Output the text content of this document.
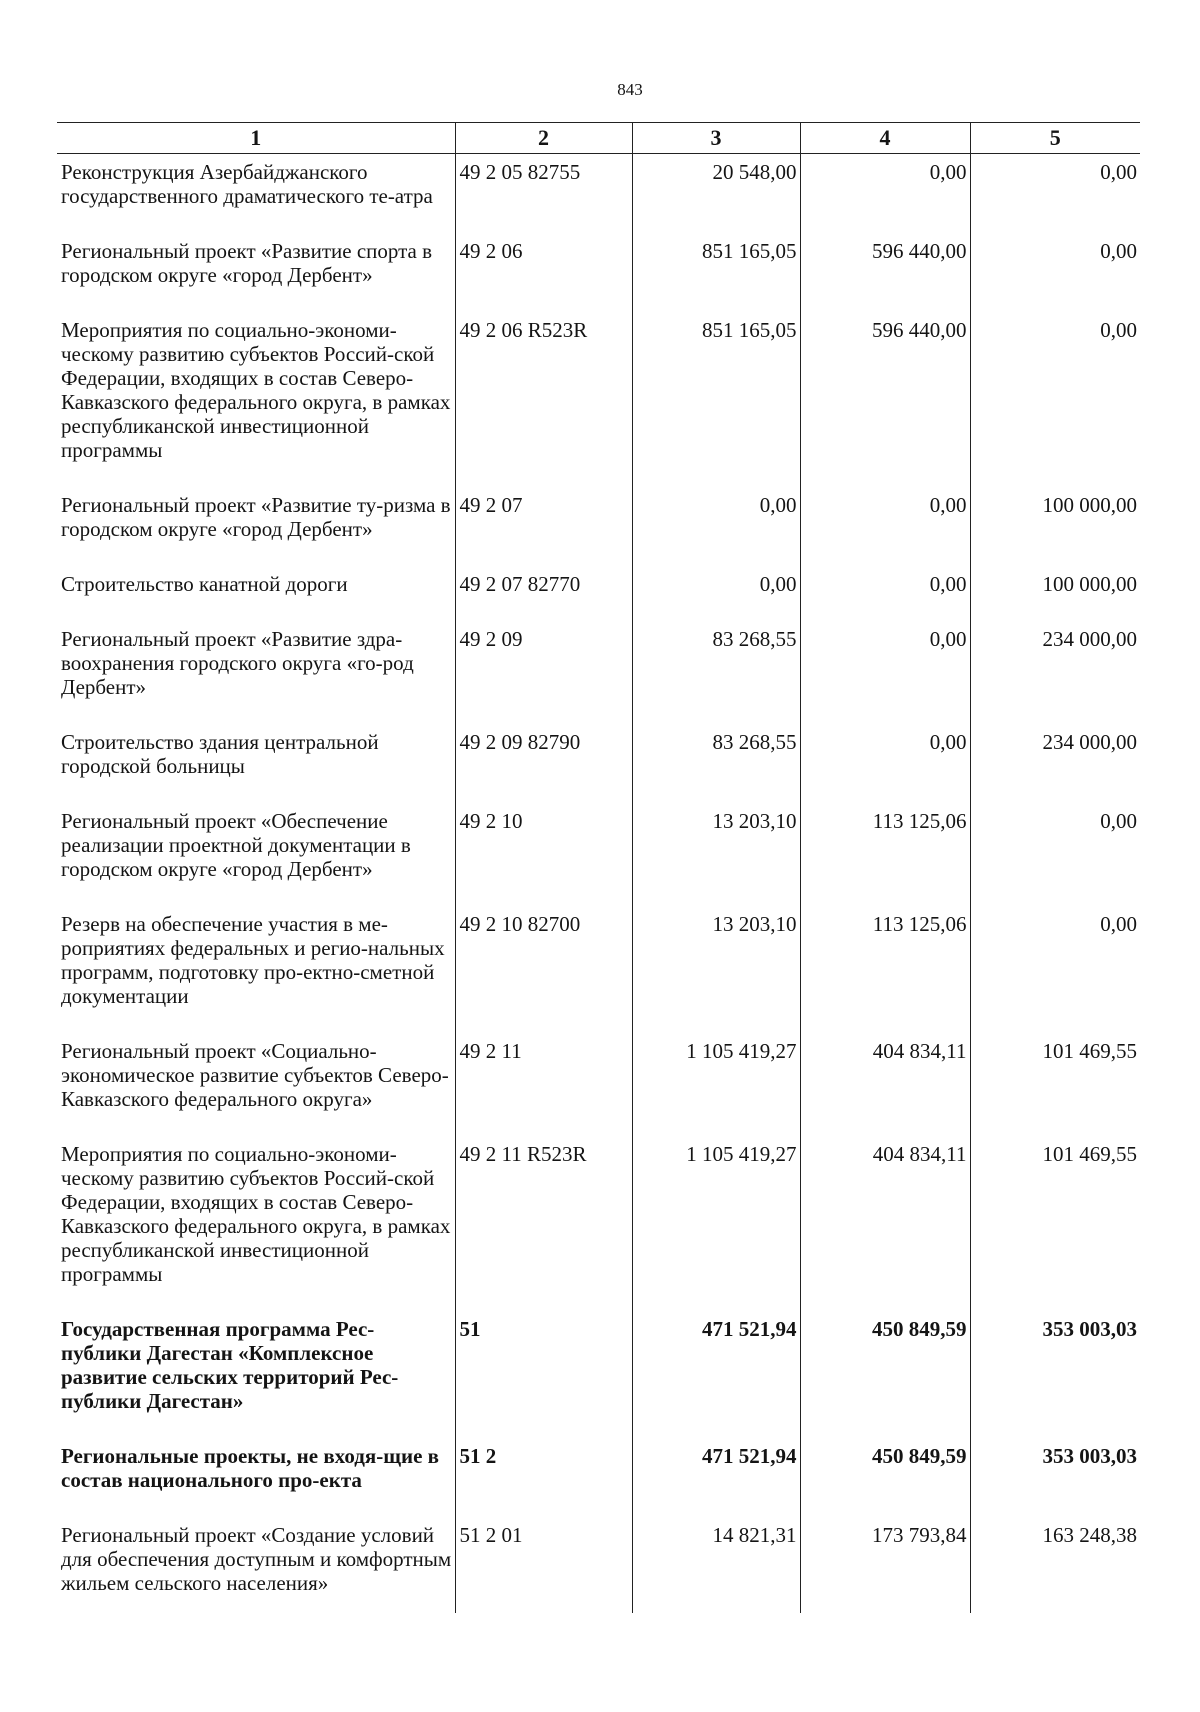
843
1	2	3	4	5
Реконструкция Азербайджанского государственного драматического те-атра	49 2 05 82755	20 548,00	0,00	0,00
Региональный проект «Развитие спорта в городском округе «город Дербент»	49 2 06	851 165,05	596 440,00	0,00
Мероприятия по социально-экономи-ческому развитию субъектов Россий-ской Федерации, входящих в состав Северо-Кавказского федерального округа, в рамках республиканской инвестиционной программы	49 2 06 R523R	851 165,05	596 440,00	0,00
Региональный проект «Развитие ту-ризма в городском округе «город Дербент»	49 2 07	0,00	0,00	100 000,00
Строительство канатной дороги	49 2 07 82770	0,00	0,00	100 000,00
Региональный проект «Развитие здра-воохранения городского округа «го-род Дербент»	49 2 09	83 268,55	0,00	234 000,00
Строительство здания центральной городской больницы	49 2 09 82790	83 268,55	0,00	234 000,00
Региональный проект «Обеспечение реализации проектной документации в городском округе «город Дербент»	49 2 10	13 203,10	113 125,06	0,00
Резерв на обеспечение участия в ме-роприятиях федеральных и регио-нальных программ, подготовку про-ектно-сметной документации	49 2 10 82700	13 203,10	113 125,06	0,00
Региональный проект «Социально-экономическое развитие субъектов Северо-Кавказского федерального округа»	49 2 11	1 105 419,27	404 834,11	101 469,55
Мероприятия по социально-экономи-ческому развитию субъектов Россий-ской Федерации, входящих в состав Северо-Кавказского федерального округа, в рамках республиканской инвестиционной программы	49 2 11 R523R	1 105 419,27	404 834,11	101 469,55
Государственная программа Рес-публики Дагестан «Комплексное развитие сельских территорий Рес-публики Дагестан»	51	471 521,94	450 849,59	353 003,03
Региональные проекты, не входя-щие в состав национального про-екта	51 2	471 521,94	450 849,59	353 003,03
Региональный проект «Создание условий для обеспечения доступным и комфортным жильем сельского населения»	51 2 01	14 821,31	173 793,84	163 248,38
